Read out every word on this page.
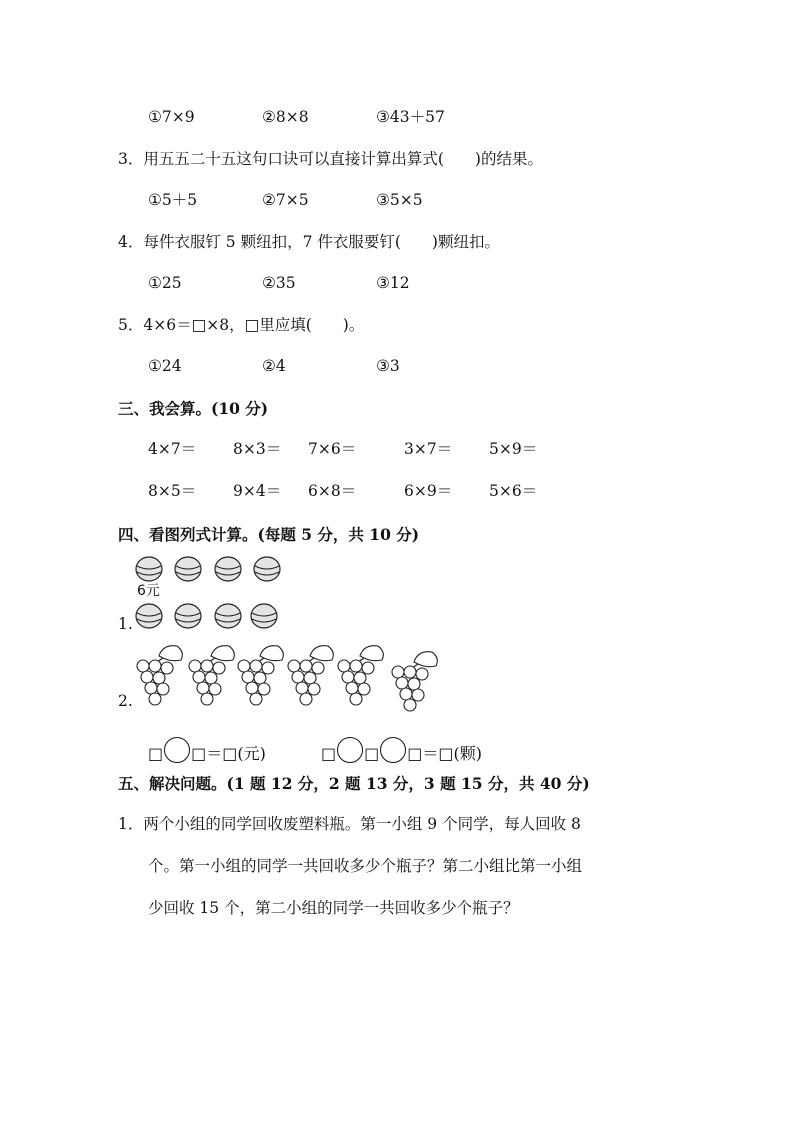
①7×9	②8×8	③43＋57
3．用五五二十五这句口诀可以直接计算出算式(　　)的结果。
①5＋5	②7×5	③5×5
4．每件衣服钉 5 颗纽扣，7 件衣服要钉(　　)颗纽扣。
①25	②35	③12
5．4×6＝□×8，□里应填(　　)。
①24	②4	③3
三、我会算。(10 分)
4×7＝ 8×3＝ 7×6＝	3×7＝ 5×9＝
8×5＝ 9×4＝ 6×8＝	6×9＝ 5×6＝
四、看图列式计算。(每题 5 分，共 10 分)
6元
1.
2.
□ □＝□(元)	□ □ □＝□(颗)
五、解决问题。(1 题 12 分，2 题 13 分，3 题 15 分，共 40 分)
1．两个小组的同学回收废塑料瓶。第一小组 9 个同学，每人回收 8
个。第一小组的同学一共回收多少个瓶子？第二小组比第一小组
少回收 15 个，第二小组的同学一共回收多少个瓶子？
